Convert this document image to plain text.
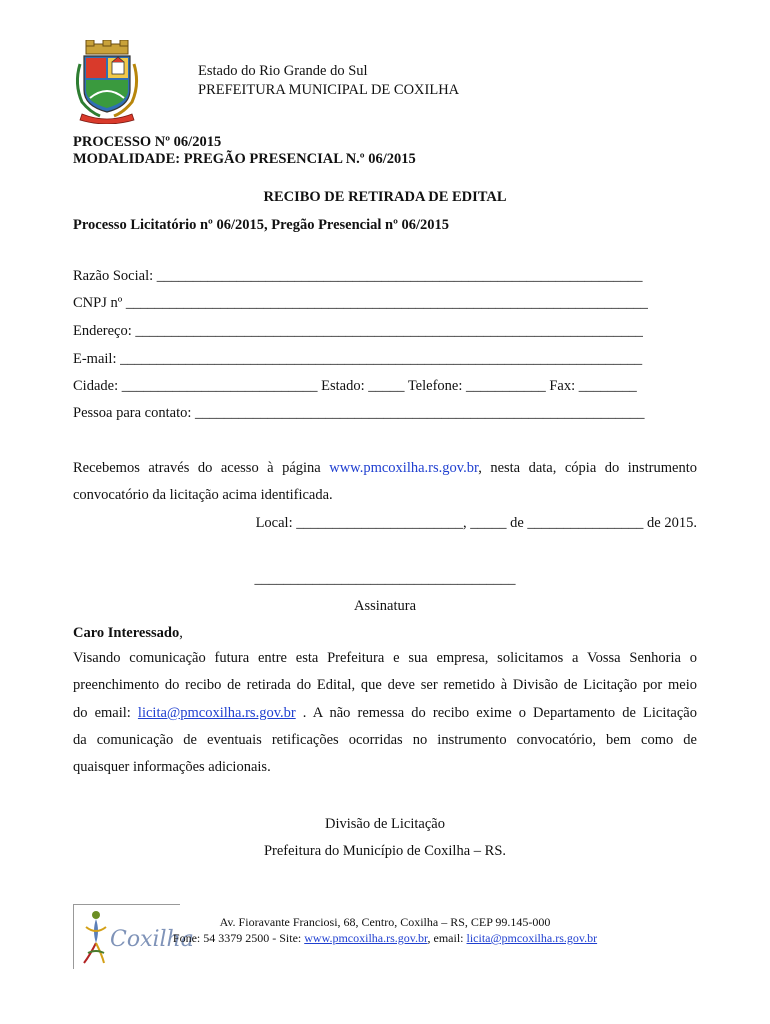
Estado do Rio Grande do Sul
PREFEITURA MUNICIPAL DE COXILHA
PROCESSO Nº 06/2015
MODALIDADE: PREGÃO PRESENCIAL N.º 06/2015
RECIBO DE RETIRADA DE EDITAL
Processo Licitatório nº 06/2015, Pregão Presencial nº 06/2015
Razão Social: ___________________________________________________________________
CNPJ nº ________________________________________________________________________
Endereço: ______________________________________________________________________
E-mail: ________________________________________________________________________
Cidade: ___________________________ Estado: _____ Telefone: ___________ Fax: ________
Pessoa para contato: ______________________________________________________________
Recebemos através do acesso à página www.pmcoxilha.rs.gov.br, nesta data, cópia do instrumento
convocatório da licitação acima identificada.
Local: _______________________, _____ de ________________ de 2015.
____________________________________
Assinatura
Caro Interessado,
Visando comunicação futura entre esta Prefeitura e sua empresa, solicitamos a Vossa Senhoria o
preenchimento do recibo de retirada do Edital, que deve ser remetido à Divisão de Licitação por meio
do email: licita@pmcoxilha.rs.gov.br . A não remessa do recibo exime o Departamento de Licitação
da comunicação de eventuais retificações ocorridas no instrumento convocatório, bem como de
quaisquer informações adicionais.
Divisão de Licitação
Prefeitura do Município de Coxilha – RS.
Coxilha
Av. Fioravante Franciosi, 68, Centro, Coxilha – RS, CEP 99.145-000
Fone: 54 3379 2500 - Site: www.pmcoxilha.rs.gov.br, email: licita@pmcoxilha.rs.gov.br
